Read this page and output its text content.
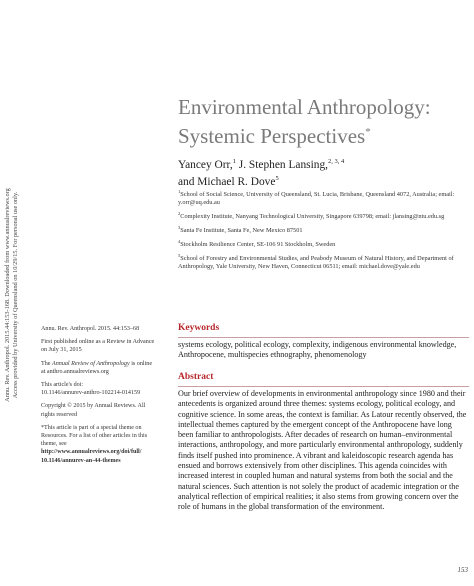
Annu. Rev. Anthropol. 2015.44:153-168. Downloaded from www.annualreviews.org Access provided by University of Queensland on 10/29/15. For personal use only.
Environmental Anthropology:
Systemic Perspectives*
Yancey Orr,$^1$ J. Stephen Lansing,$^{2, 3, 4}$
and Michael R. Dove$^5$
$^1$School of Social Science, University of Queensland, St. Lucia, Brisbane, Queensland 4072, Australia; email: y.orr@uq.edu.au
$^2$Complexity Institute, Nanyang Technological University, Singapore 639798; email: jlansing@ntu.edu.sg
$^3$Santa Fe Institute, Santa Fe, New Mexico 87501
$^4$Stockholm Resilience Center, SE-106 91 Stockholm, Sweden
$^5$School of Forestry and Environmental Studies, and Peabody Museum of Natural History, and Department of Anthropology, Yale University, New Haven, Connecticut 06511; email: michael.dove@yale.edu

Annu. Rev. Anthropol. 2015. 44:153–68

First published online as a Review in Advance on July 31, 2015

The Annual Review of Anthropology is online at anthro.annualreviews.org

This article's doi:
10.1146/annurev-anthro-102214-014159

Copyright © 2015 by Annual Reviews. All rights reserved

*This article is part of a special theme on Resources. For a list of other articles in this theme, see http://www.annualreviews.org/doi/full/
10.1146/annurev-an-44-themes

Keywords
systems ecology, political ecology, complexity, indigenous environmental knowledge, Anthropocene, multispecies ethnography, phenomenology
Abstract
Our brief overview of developments in environmental anthropology since 1980 and their antecedents is organized around three themes: systems ecology, political ecology, and cognitive science. In some areas, the context is familiar. As Latour recently observed, the intellectual themes captured by the emergent concept of the Anthropocene have long been familiar to anthropologists. After decades of research on human–environmental interactions, anthropology, and more particularly environmental anthropology, suddenly finds itself pushed into prominence. A vibrant and kaleidoscopic research agenda has ensued and borrows extensively from other disciplines. This agenda coincides with increased interest in coupled human and natural systems from both the social and the natural sciences. Such attention is not solely the product of academic integration or the analytical reflection of empirical realities; it also stems from growing concern over the role of humans in the global transformation of the environment.
153
